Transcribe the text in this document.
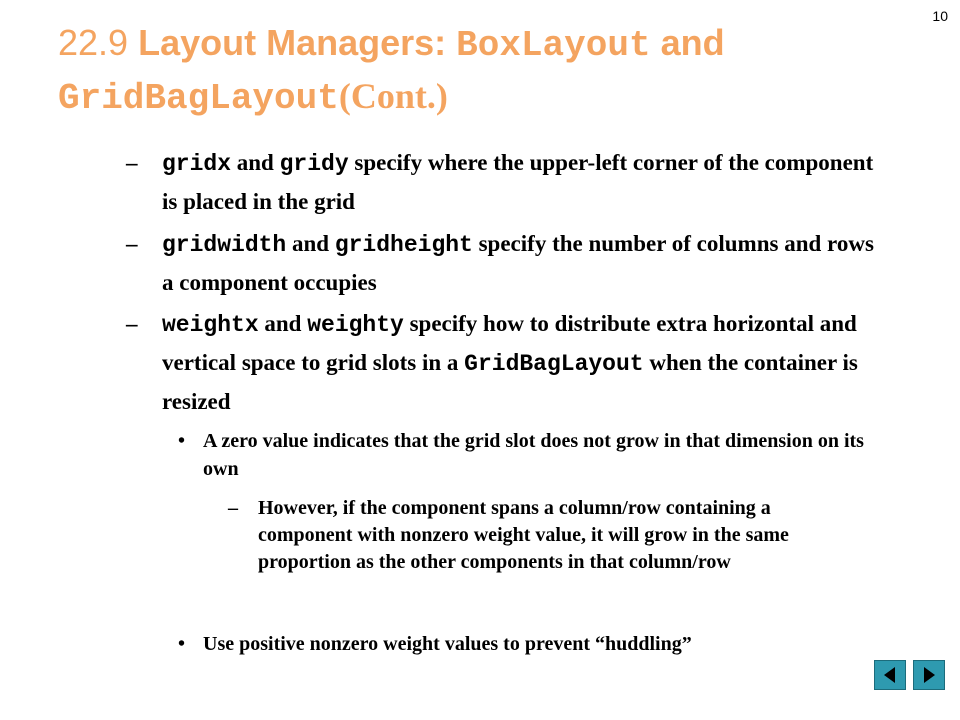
10
22.9 Layout Managers: BoxLayout and
GridBagLayout(Cont.)
– gridx and gridy specify where the upper-left corner of the component is placed in the grid
– gridwidth and gridheight specify the number of columns and rows a component occupies
– weightx and weighty specify how to distribute extra horizontal and vertical space to grid slots in a GridBagLayout when the container is resized
• A zero value indicates that the grid slot does not grow in that dimension on its own
– However, if the component spans a column/row containing a component with nonzero weight value, it will grow in the same proportion as the other components in that column/row
• Use positive nonzero weight values to prevent “huddling”
